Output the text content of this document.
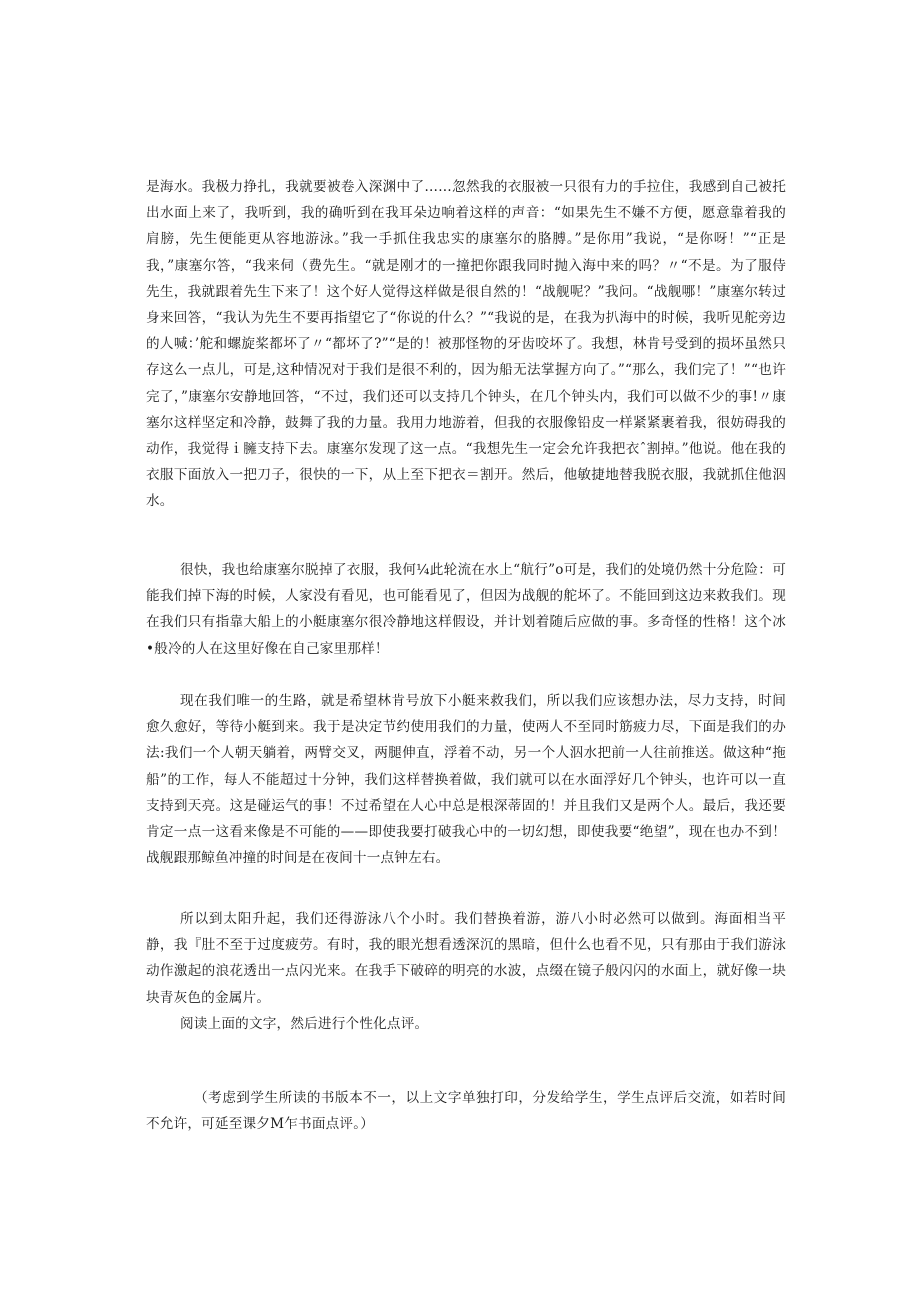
是海水。我极力挣扎，我就要被卷入深渊中了……忽然我的衣服被一只很有力的手拉住，我感到自己被托出水面上来了，我听到，我的确听到在我耳朵边响着这样的声音：“如果先生不嫌不方便，愿意靠着我的肩膀，先生便能更从容地游泳。”我一手抓住我忠实的康塞尔的胳膊。”是你用”我说，“是你呀！”“正是我，”康塞尔答，“我来伺（费先生。“就是刚才的一撞把你跟我同时抛入海中来的吗？〃“不是。为了服侍先生，我就跟着先生下来了！这个好人觉得这样做是很自然的！“战舰呢？”我问。“战舰哪！”康塞尔转过身来回答，“我认为先生不要再指望它了“你说的什么？”“我说的是，在我为扒海中的时候，我听见舵旁边的人喊：’舵和螺旋桨都坏了〃“都坏了?”“是的！被那怪物的牙齿咬坏了。我想，林肯号受到的损坏虽然只存这么一点儿，可是,这种情况对于我们是很不利的，因为船无法掌握方向了。”“那么，我们完了！”“也许完了，”康塞尔安静地回答，“不过，我们还可以支持几个钟头，在几个钟头内，我们可以做不少的事!〃康塞尔这样坚定和冷静，鼓舞了我的力量。我用力地游着，但我的衣服像铅皮一样紧紧裹着我，很妨碍我的动作，我觉得ｉ臃支持下去。康塞尔发现了这一点。“我想先生一定会允许我把衣ˆ割掉。”他说。他在我的衣服下面放入一把刀子，很快的一下，从上至下把衣＝割开。然后，他敏捷地替我脱衣服，我就抓住他泅水。

很快，我也给康塞尔脱掉了衣服，我何¼此轮流在水上“航行”o可是，我们的处境仍然十分危险：可能我们掉下海的时候，人家没有看见，也可能看见了，但因为战舰的舵坏了。不能回到这边来救我们。现在我们只有指靠大船上的小艇康塞尔很冷静地这样假设，并计划着随后应做的事。多奇怪的性格！这个冰•般冷的人在这里好像在自己家里那样！

现在我们唯一的生路，就是希望林肯号放下小艇来救我们，所以我们应该想办法，尽力支持，时间愈久愈好，等待小艇到来。我于是决定节约使用我们的力量，使两人不至同时筋疲力尽，下面是我们的办法:我们一个人朝天躺着，两臂交叉，两腿伸直，浮着不动，另一个人泅水把前一人往前推送。做这种“拖船”的工作，每人不能超过十分钟，我们这样替换着做，我们就可以在水面浮好几个钟头，也许可以一直支持到天亮。这是碰运气的事！不过希望在人心中总是根深蒂固的！并且我们又是两个人。最后，我还要肯定一点一这看来像是不可能的——即使我要打破我心中的一切幻想，即使我要“绝望”，现在也办不到！战舰跟那鲸鱼冲撞的时间是在夜间十一点钟左右。

所以到太阳升起，我们还得游泳八个小时。我们替换着游，游八小时必然可以做到。海面相当平静，我『肚不至于过度疲劳。有时，我的眼光想看透深沉的黑暗，但什么也看不见，只有那由于我们游泳动作激起的浪花透出一点闪光来。在我手下破碎的明亮的水波，点缀在镜子般闪闪的水面上，就好像一块块青灰色的金属片。

阅读上面的文字，然后进行个性化点评。

（考虑到学生所读的书版本不一，以上文字单独打印，分发给学生，学生点评后交流，如若时间不允许，可延至课夕M乍书面点评。）
